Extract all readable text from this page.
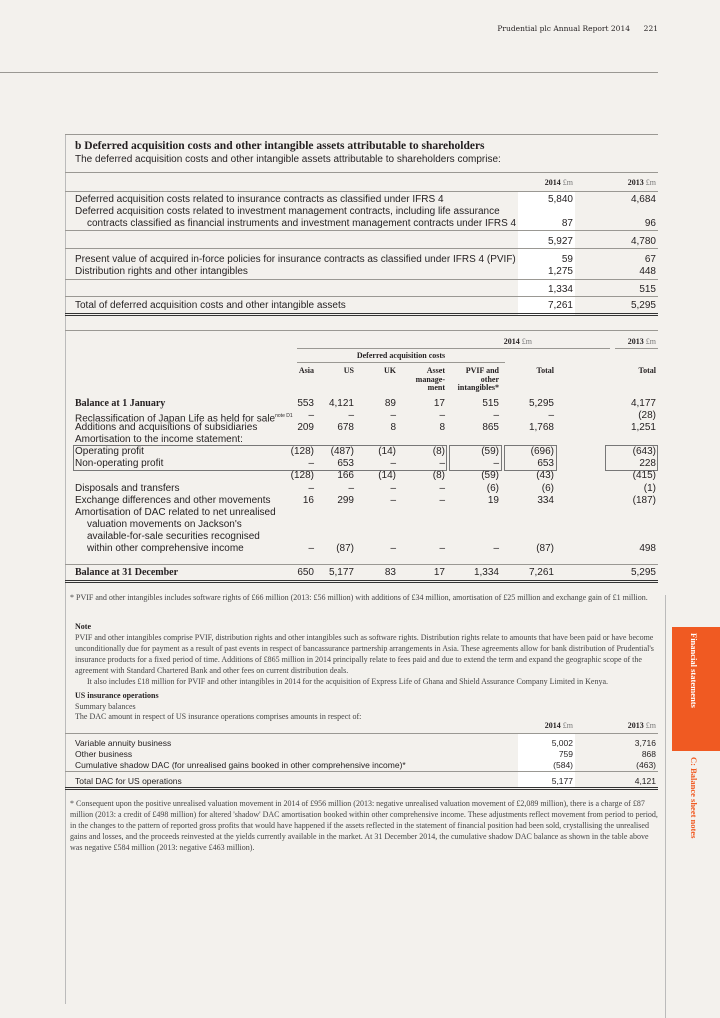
Prudential plc Annual Report 2014	221
b Deferred acquisition costs and other intangible assets attributable to shareholders
The deferred acquisition costs and other intangible assets attributable to shareholders comprise:
* PVIF and other intangibles includes software rights of £66 million (2013: £56 million) with additions of £34 million, amortisation of £25 million and exchange gain of £1 million.
Note
PVIF and other intangibles comprise PVIF, distribution rights and other intangibles such as software rights. Distribution rights relate to amounts that have been paid or have become unconditionally due for payment as a result of past events in respect of bancassurance partnership arrangements in Asia. These agreements allow for bank distribution of Prudential's insurance products for a fixed period of time. Additions of £865 million in 2014 principally relate to fees paid and due to extend the term and expand the geographic scope of the agreement with Standard Chartered Bank and other fees on current distribution deals.
It also includes £18 million for PVIF and other intangibles in 2014 for the acquisition of Express Life of Ghana and Shield Assurance Company Limited in Kenya.
US insurance operations
Summary balances
The DAC amount in respect of US insurance operations comprises amounts in respect of:
* Consequent upon the positive unrealised valuation movement in 2014 of £956 million (2013: negative unrealised valuation movement of £2,089 million), there is a charge of £87 million (2013: a credit of £498 million) for altered 'shadow' DAC amortisation booked within other comprehensive income. These adjustments reflect movement from period to period, in the changes to the pattern of reported gross profits that would have happened if the assets reflected in the statement of financial position had been sold, crystallising the unrealised gains and losses, and the proceeds reinvested at the yields currently available in the market. At 31 December 2014, the cumulative shadow DAC balance as shown in the table above was negative £584 million (2013: negative £463 million).
Financial statements
C: Balance sheet notes
2014 £m	2013 £m
Deferred acquisition costs related to insurance contracts as classified under IFRS 4	5,840	4,684
Deferred acquisition costs related to investment management contracts, including life assurance
contracts classified as financial instruments and investment management contracts under IFRS 4	87	96
5,927	4,780
Present value of acquired in-force policies for insurance contracts as classified under IFRS 4 (PVIF)	59	67
Distribution rights and other intangibles	1,275	448
1,334	515
Total of deferred acquisition costs and other intangible assets	7,261	5,295
2014 £m	2013 £m
Deferred acquisition costs
Asia	US	UK	Asset manage- ment
PVIF and other intangibles*
Total	Total
Balance at 1 January	553 4,121	89	17	515	5,295	4,177
Reclassification of Japan Life as held for sale$^{note D1}$ –	–	–	–	–	–	(28)
Additions and acquisitions of subsidiaries	209 678	8	8	865	1,768	1,251
Amortisation to the income statement:
Operating profit	(128) (487) (14)	(8)	(59)	(696)	(643)
Non-operating profit	– 653	–	–	–	653	228
(128) 166 (14)	(8)	(59)	(43)	(415)
Disposals and transfers	–	–	–	–	(6)	(6)	(1)
Exchange differences and other movements	16 299	–	–	19	334	(187)
Amortisation of DAC related to net unrealised
valuation movements on Jackson's
available-for-sale securities recognised
within other comprehensive income	– (87)	–	–	–	(87)	498
Balance at 31 December	650 5,177	83	17	1,334	7,261	5,295
2014 £m	2013 £m
Variable annuity business	5,002	3,716
Other business	759	868
Cumulative shadow DAC (for unrealised gains booked in other comprehensive income)*	(584)	(463)
Total DAC for US operations	5,177	4,121
